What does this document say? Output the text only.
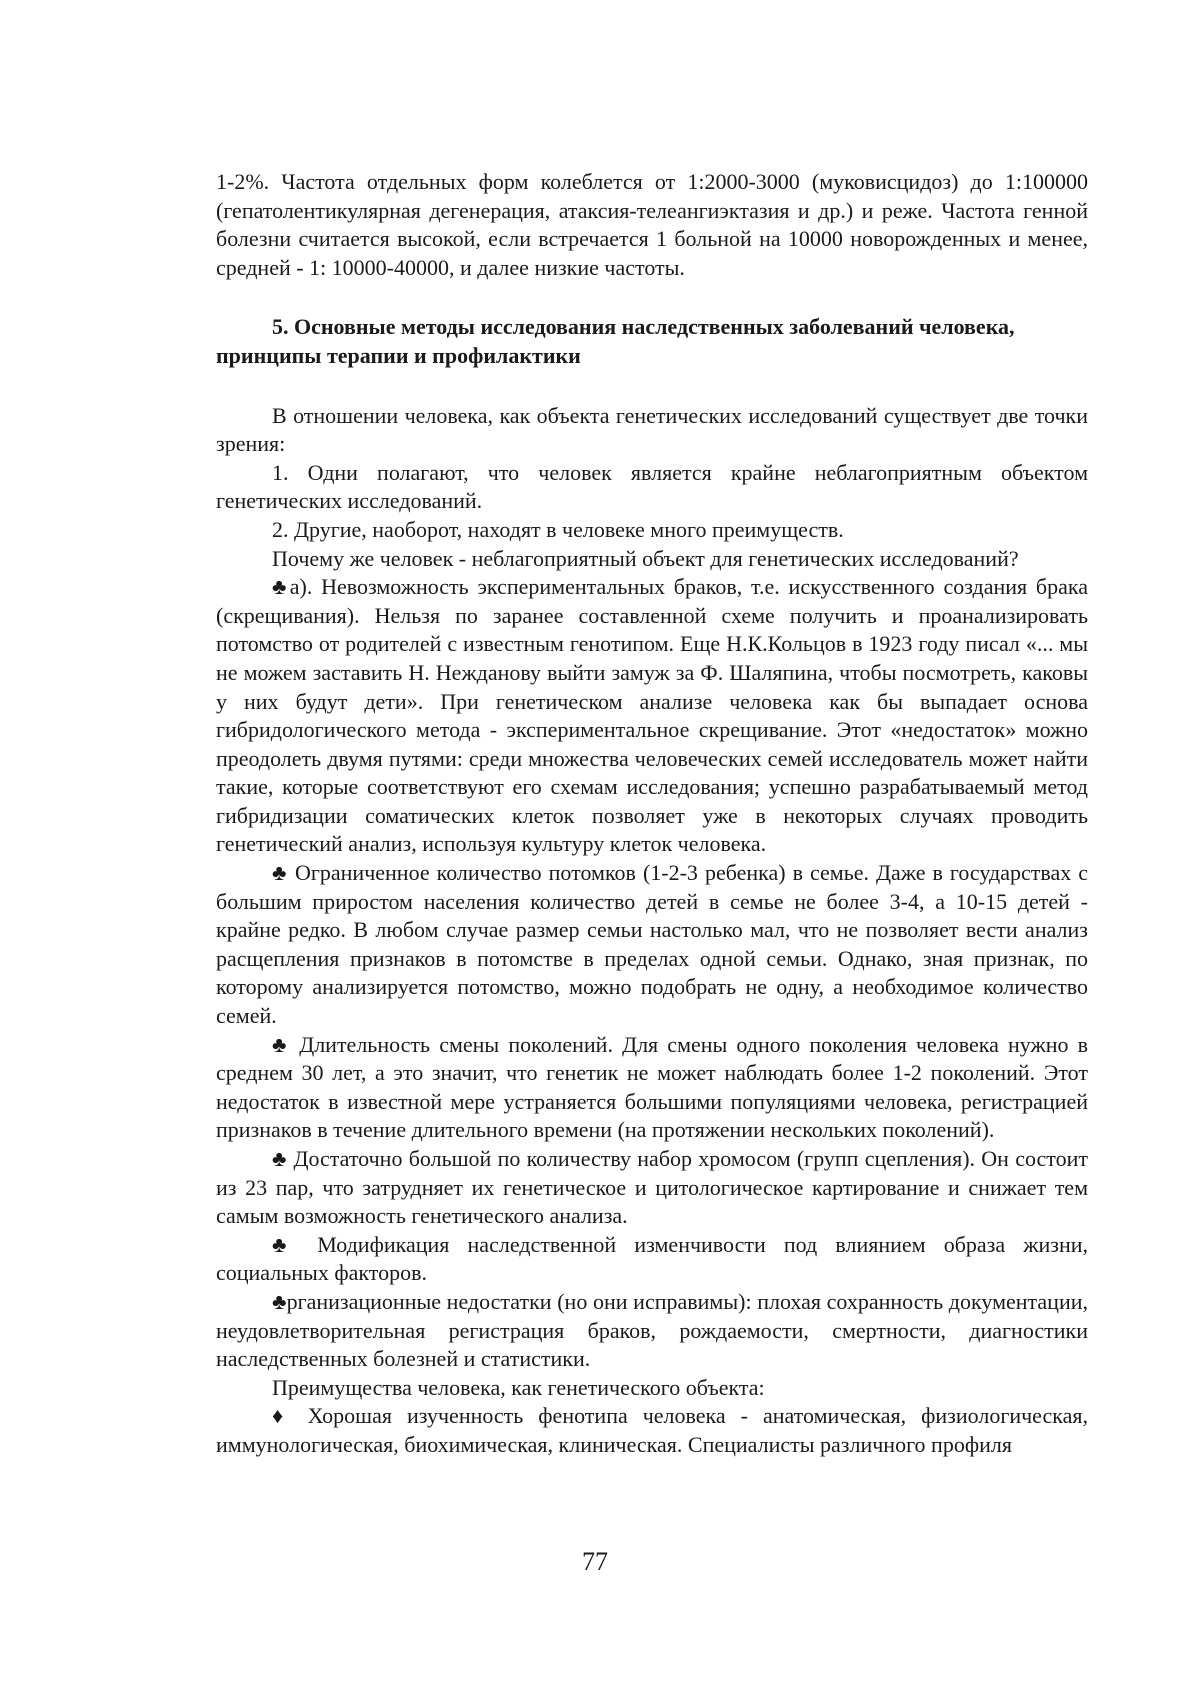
1-2%. Частота отдельных форм колеблется от 1:2000-3000 (муковисцидоз) до 1:100000 (гепатолентикулярная дегенерация, атаксия-телеангиэктазия и др.) и реже. Частота генной болезни считается высокой, если встречается 1 больной на 10000 новорожденных и менее, средней - 1: 10000-40000, и далее низкие частоты.

5. Основные методы исследования наследственных заболеваний человека, принципы терапии и профилактики

В отношении человека, как объекта генетических исследований существует две точки зрения:

1. Одни полагают, что человек является крайне неблагоприятным объектом генетических исследований.

2. Другие, наоборот, находят в человеке много преимуществ.

Почему же человек - неблагоприятный объект для генетических исследований?

♣а). Невозможность экспериментальных браков, т.е. искусственного создания брака (скрещивания). Нельзя по заранее составленной схеме получить и проанализировать потомство от родителей с известным генотипом. Еще Н.К.Кольцов в 1923 году писал «... мы не можем заставить Н. Нежданову выйти замуж за Ф. Шаляпина, чтобы посмотреть, каковы у них будут дети». При генетическом анализе человека как бы выпадает основа гибридологического метода - экспериментальное скрещивание. Этот «недостаток» можно преодолеть двумя путями: среди множества человеческих семей исследователь может найти такие, которые соответствуют его схемам исследования; успешно разрабатываемый метод гибридизации соматических клеток позволяет уже в некоторых случаях проводить генетический анализ, используя культуру клеток человека.

♣ Ограниченное количество потомков (1-2-3 ребенка) в семье. Даже в государствах с большим приростом населения количество детей в семье не более 3-4, а 10-15 детей - крайне редко. В любом случае размер семьи настолько мал, что не позволяет вести анализ расщепления признаков в потомстве в пределах одной семьи. Однако, зная признак, по которому анализируется потомство, можно подобрать не одну, а необходимое количество семей.

♣ Длительность смены поколений. Для смены одного поколения человека нужно в среднем 30 лет, а это значит, что генетик не может наблюдать более 1-2 поколений. Этот недостаток в известной мере устраняется большими популяциями человека, регистрацией признаков в течение длительного времени (на протяжении нескольких поколений).

♣ Достаточно большой по количеству набор хромосом (групп сцепления). Он состоит из 23 пар, что затрудняет их генетическое и цитологическое картирование и снижает тем самым возможность генетического анализа.

♣ Модификация наследственной изменчивости под влиянием образа жизни, социальных факторов.

♣рганизационные недостатки (но они исправимы): плохая сохранность документации, неудовлетворительная регистрация браков, рождаемости, смертности, диагностики наследственных болезней и статистики.

Преимущества человека, как генетического объекта:

♦ Хорошая изученность фенотипа человека - анатомическая, физиологическая, иммунологическая, биохимическая, клиническая. Специалисты различного профиля

77
